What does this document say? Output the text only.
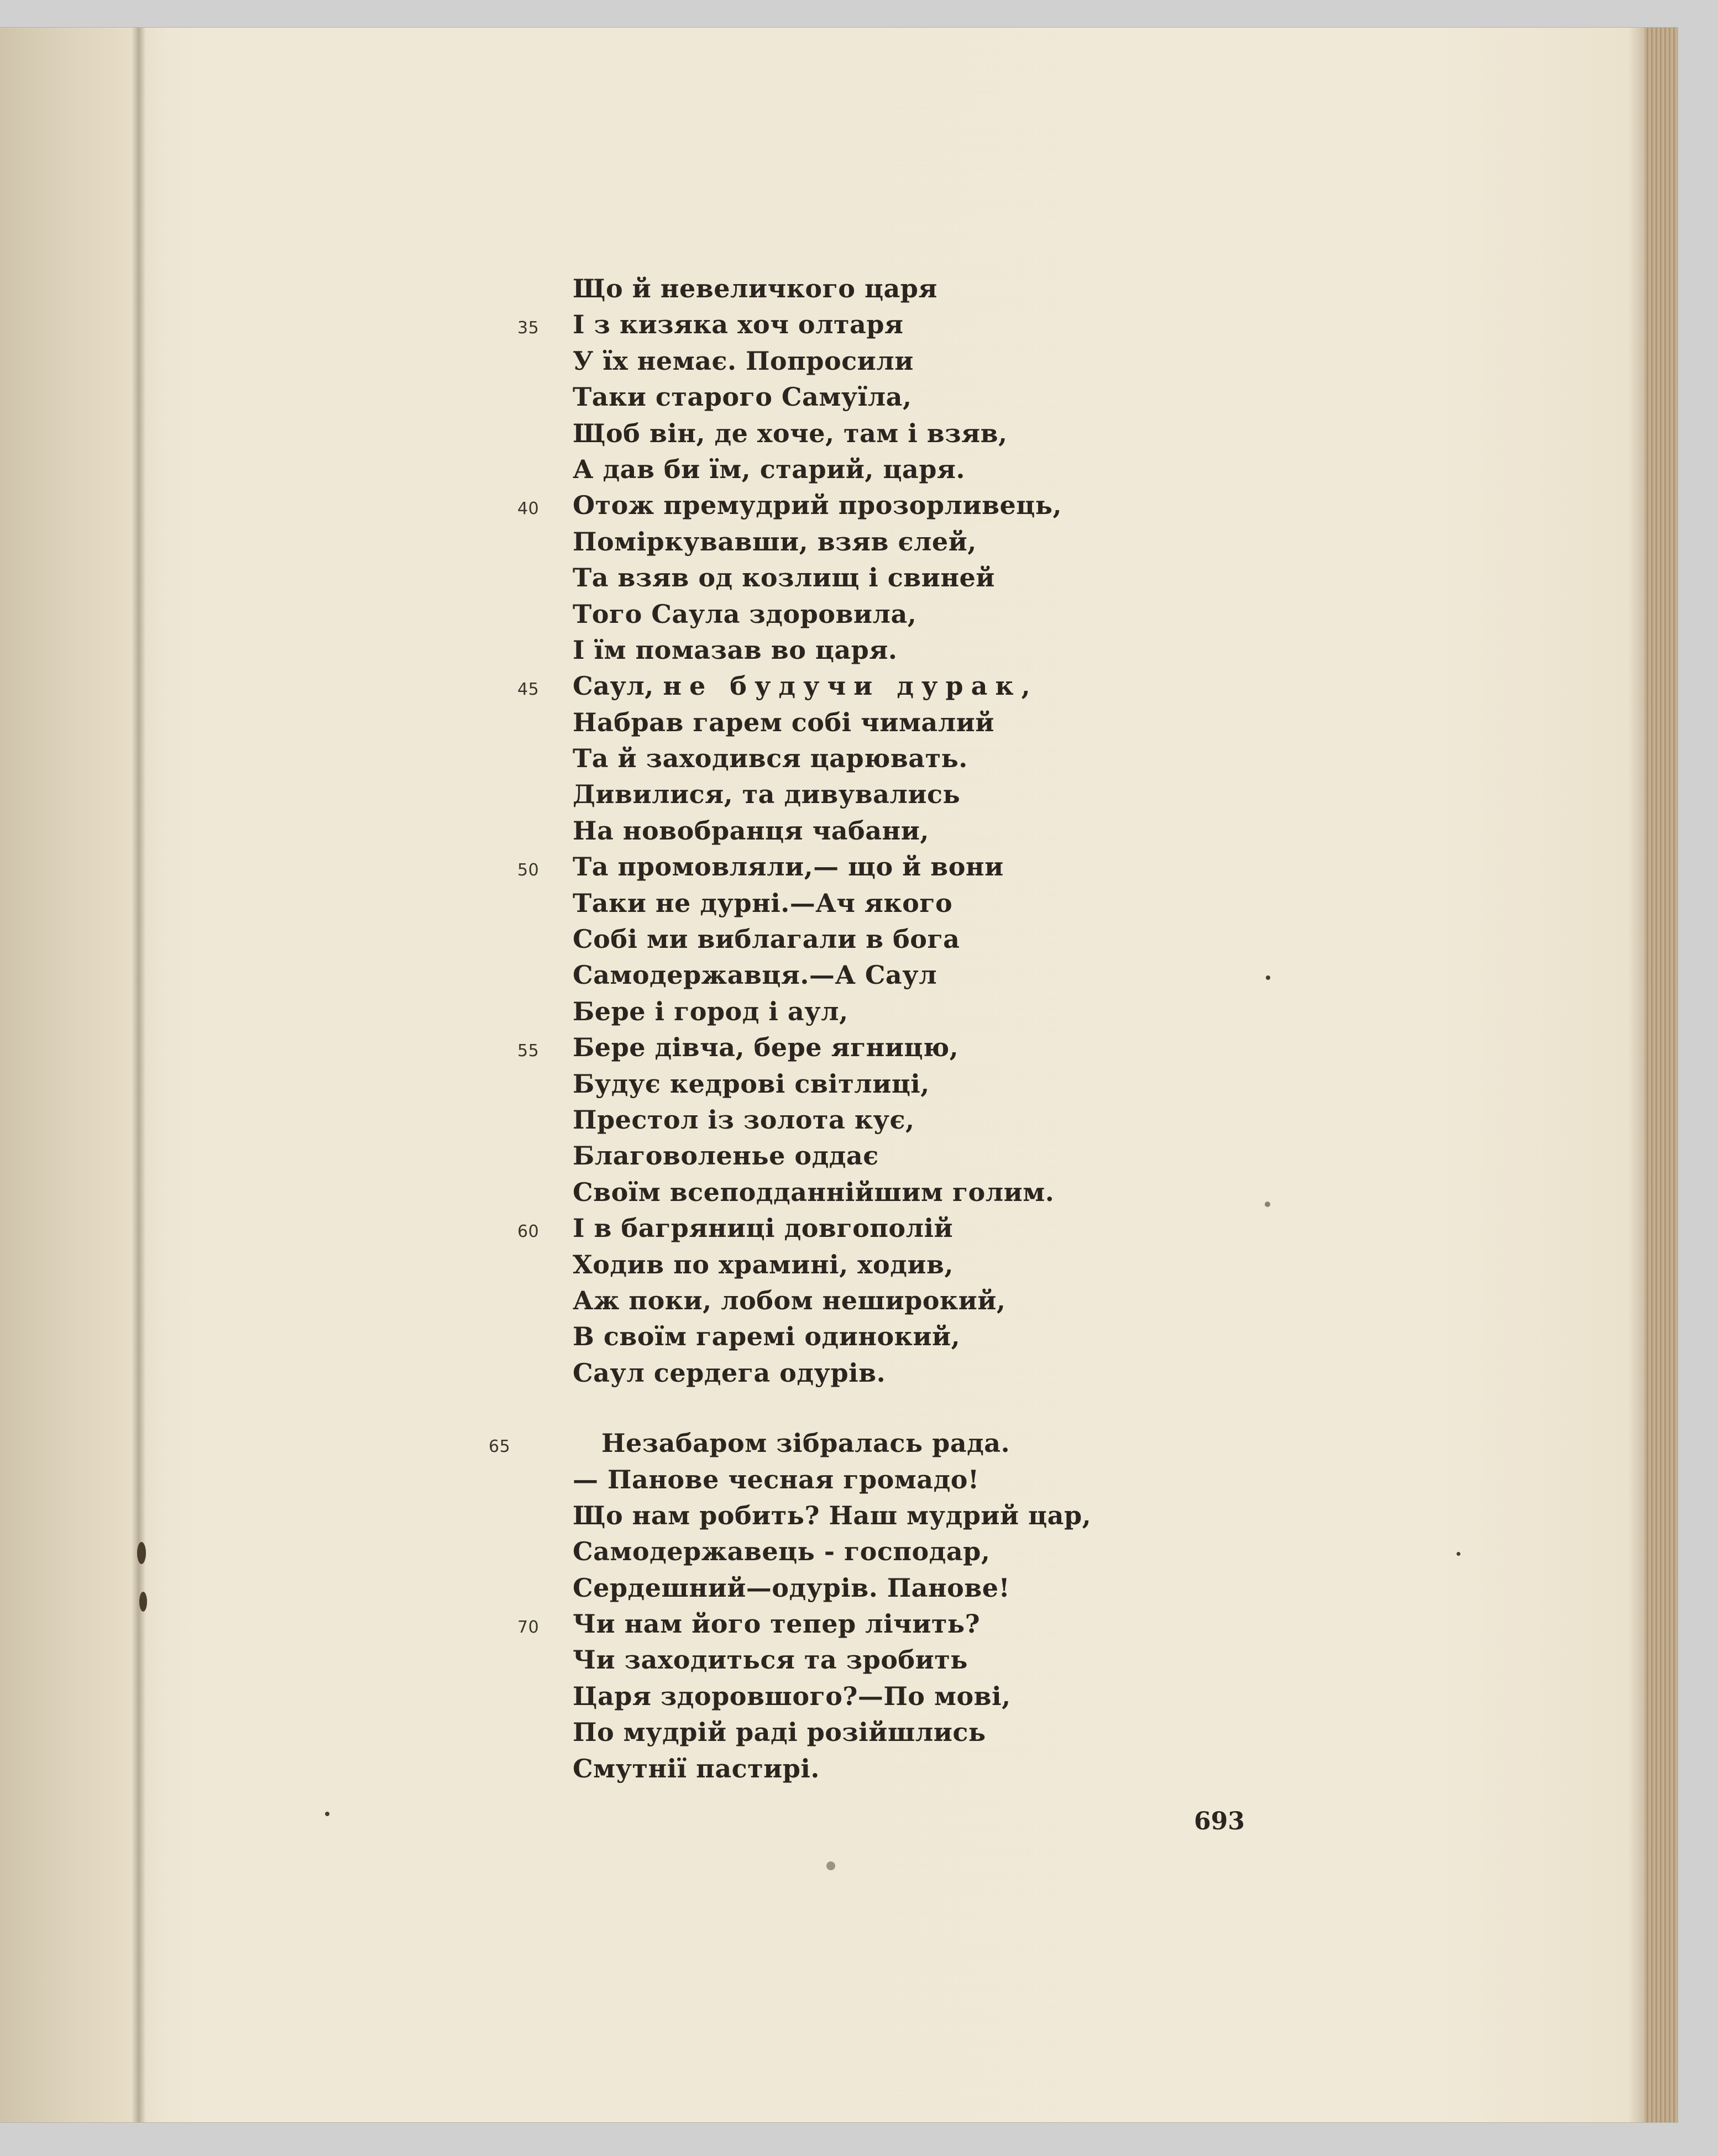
Що й невеличкого царя
35 І з кизяка хоч олтаря
У їх немає. Попросили
Таки старого Самуїла,
Щоб він, де хоче, там і взяв,
А дав би їм, старий, царя.
40 Отож премудрий прозорливець,
Поміркувавши, взяв єлей,
Та взяв од козлищ і свиней
Того Саула здоровила,
І їм помазав во царя.
45 Саул, не будучи дурак,
Набрав гарем собі чималий
Та й заходився царювать.
Дивилися, та дивувались
На новобранця чабани,
50 Та промовляли,— що й вони
Таки не дурні.—Ач якого
Собі ми виблагали в бога
Самодержавця.—А Саул
Бере і город і аул,
55 Бере дівча, бере ягницю,
Будує кедрові світлиці,
Престол із золота кує,
Благоволенье оддає
Своїм всеподданнійшим голим.
60 І в багряниці довгополій
Ходив по храмині, ходив,
Аж поки, лобом неширокий,
В своїм гаремі одинокий,
Саул сердега одурів.
65	Незабаром зібралась рада.
— Панове чесная громадо!
Що нам робить? Наш мудрий цар,
Самодержавець - господар,
Сердешний—одурів. Панове!
70 Чи нам його тепер лічить?
Чи заходиться та зробить
Царя здоровшого?—По мові,
По мудрій раді розійшлись
Смутнії пастирі.
693
